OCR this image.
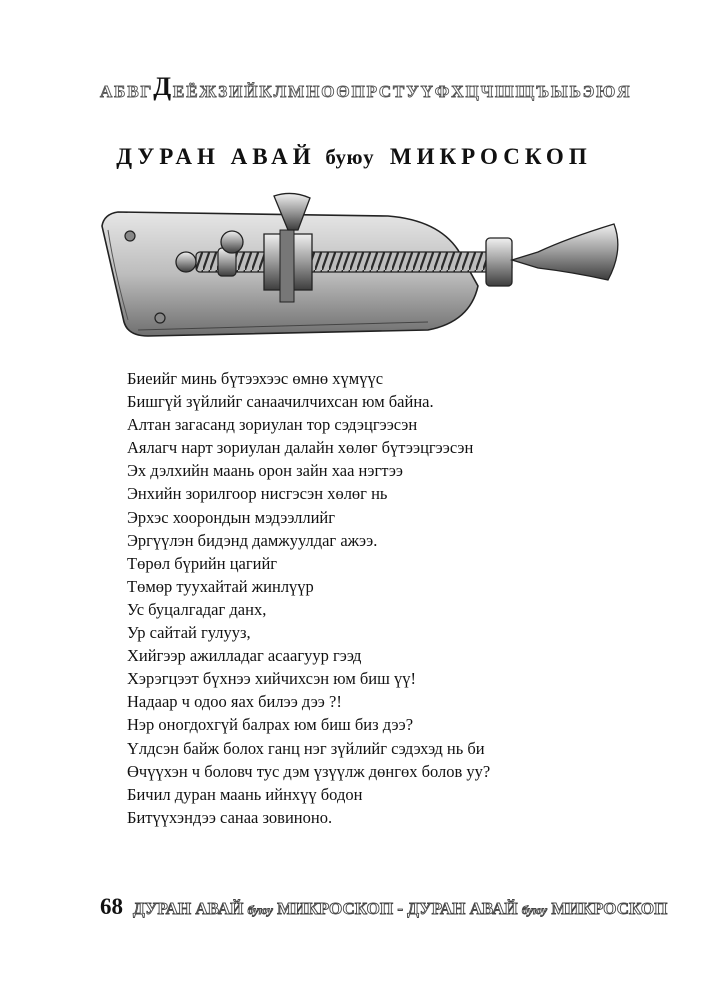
А Б В Г Д Е Ё Ж З И Й К Л М Н О Ө П Р С Т У Ү Ф Х Ц Ч Ш Щ Ъ Ы Ь Э Ю Я
ДУРАН АВАЙ буюу МИКРОСКОП
Биеийг минь бүтээхээс өмнө хүмүүс
Бишгүй зүйлийг санаачилчихсан юм байна.
Алтан загасанд зориулан тор сэдэцгээсэн
Аялагч нарт зориулан далайн хөлөг бүтээцгээсэн
Эх дэлхийн маань орон зайн хаа нэгтээ
Энхийн зорилгоор нисгэсэн хөлөг нь
Эрхэс хоорондын мэдээллийг
Эргүүлэн бидэнд дамжуулдаг ажээ.
Төрөл бүрийн цагийг
Төмөр туухайтай жинлүүр
Ус буцалгадаг данх,
Ур сайтай гулууз,
Хийгээр ажилладаг асаагуур гээд
Хэрэгцээт бүхнээ хийчихсэн юм биш үү!
Надаар ч одоо яах билээ дээ ?!
Нэр оногдохгүй балрах юм биш биз дээ?
Үлдсэн байж болох ганц нэг зүйлийг сэдэхэд нь би
Өчүүхэн ч боловч тус дэм үзүүлж дөнгөх болов уу?
Бичил дуран маань ийнхүү бодон
Битүүхэндээ санаа зовиноно.
68 ДУРАН АВАЙ буюу МИКРОСКОП - ДУРАН АВАЙ буюу МИКРОСКОП
